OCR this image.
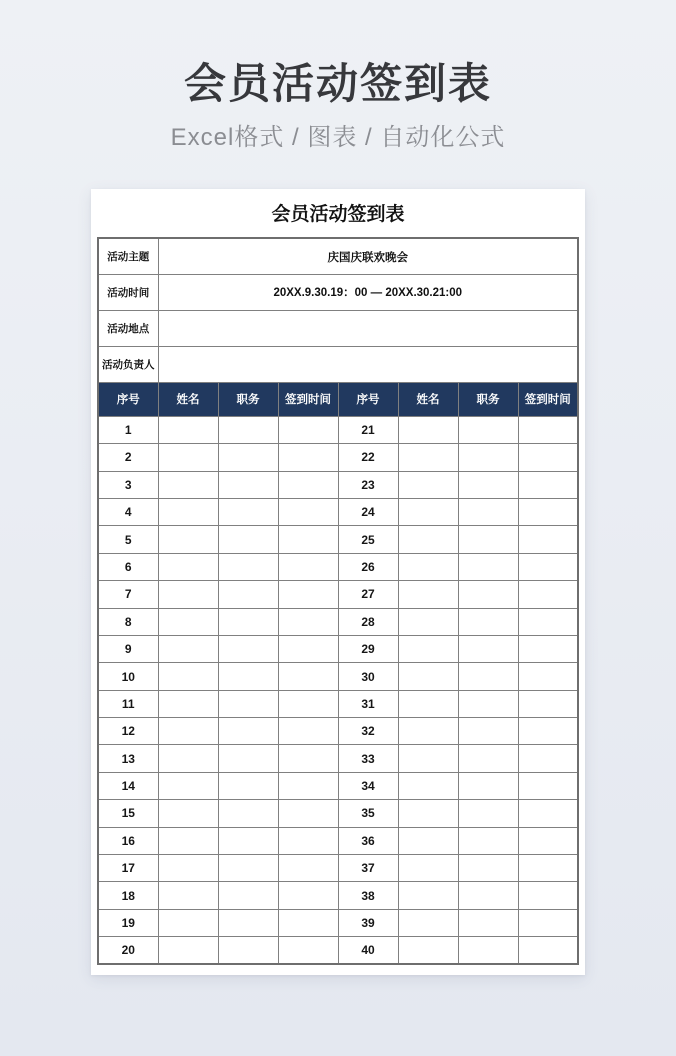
会员活动签到表
Excel格式 / 图表 / 自动化公式
会员活动签到表
活动主题	庆国庆联欢晚会						
活动时间	20XX.9.30.19：00 — 20XX.30.21:00						
活动地点							
活动负责人							
序号	姓名	职务	签到时间	序号	姓名	职务	签到时间
1				21			
2				22			
3				23			
4				24			
5				25			
6				26			
7				27			
8				28			
9				29			
10				30			
11				31			
12				32			
13				33			
14				34			
15				35			
16				36			
17				37			
18				38			
19				39			
20				40			
